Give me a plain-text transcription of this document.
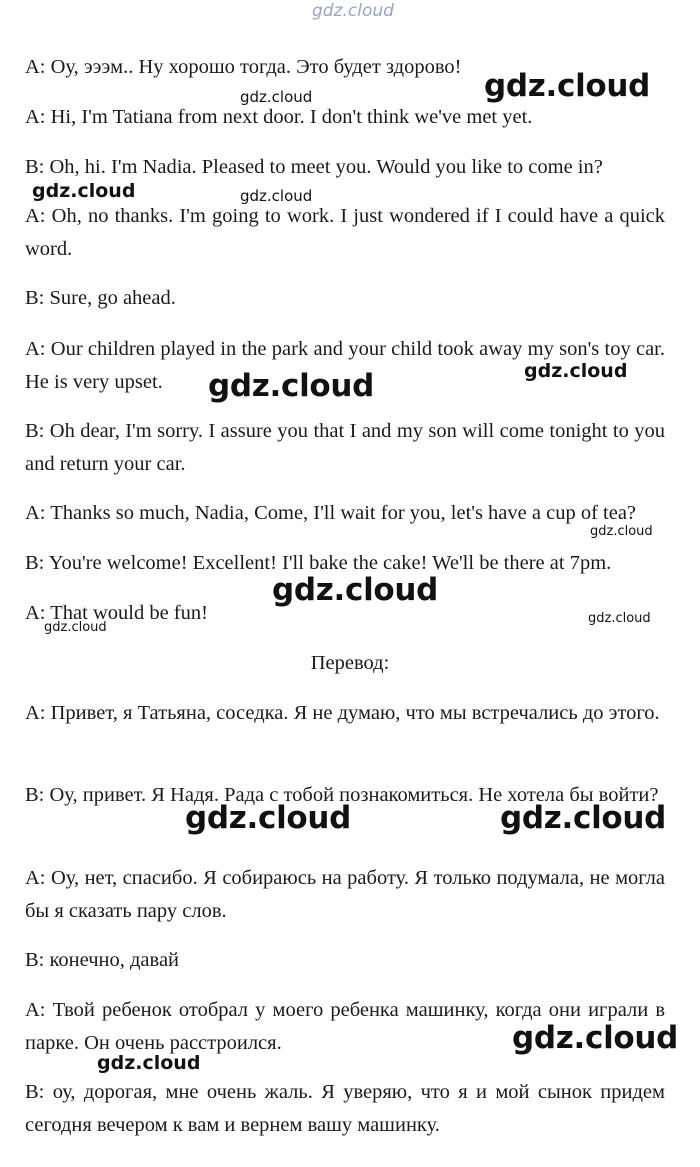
gdz.cloud

A: Оу, эээм.. Ну хорошо тогда. Это будет здорово!

A: Hi, I'm Tatiana from next door. I don't think we've met yet.

B: Oh, hi. I'm Nadia. Pleased to meet you. Would you like to come in?

A: Oh, no thanks. I'm going to work. I just wondered if I could have a quick word.

B: Sure, go ahead.

A: Our children played in the park and your child took away my son's toy car. He is very upset.

B: Oh dear, I'm sorry. I assure you that I and my son will come tonight to you and return your car.

A: Thanks so much, Nadia, Come, I'll wait for you, let's have a cup of tea?

B: You're welcome! Excellent! I'll bake the cake! We'll be there at 7pm.

A: That would be fun!

Перевод:

A: Привет, я Татьяна, соседка. Я не думаю, что мы встречались до этого.

B: Оу, привет. Я Надя. Рада с тобой познакомиться. Не хотела бы войти?

A: Оу, нет, спасибо. Я собираюсь на работу. Я только подумала, не могла бы я сказать пару слов.

B: конечно, давай

A: Твой ребенок отобрал у моего ребенка машинку, когда они играли в парке. Он очень расстроился.

B: оу, дорогая, мне очень жаль. Я уверяю, что я и мой сынок придем сегодня вечером к вам и вернем вашу машинку.

gdz.cloud
gdz.cloud
gdz.cloud	gdz.cloud
gdz.cloud	gdz.cloud
gdz.cloud
gdz.cloud
gdz.cloud
gdz.cloud
gdz.cloud	gdz.cloud
gdz.cloud
gdz.cloud
